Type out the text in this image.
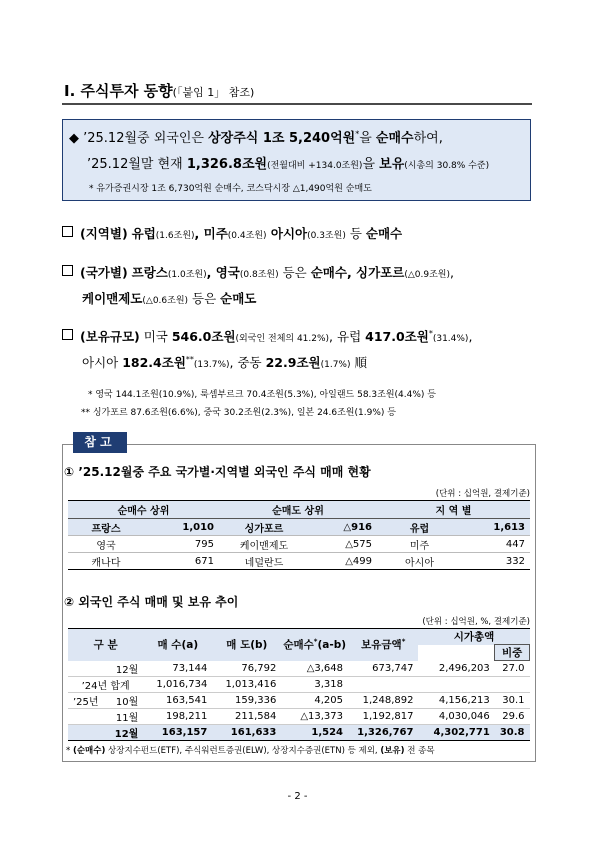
Ⅰ. 주식투자 동향(「붙임 1」 참조)
◆ ’25.12월중 외국인은 상장주식 1조 5,240억원*을 순매수하여,
’25.12월말 현재 1,326.8조원(전월대비 +134.0조원)을 보유(시총의 30.8% 수준)
* 유가증권시장 1조 6,730억원 순매수, 코스닥시장 △1,490억원 순매도
(지역별) 유럽(1.6조원), 미주(0.4조원) 아시아(0.3조원) 등 순매수
(국가별) 프랑스(1.0조원), 영국(0.8조원) 등은 순매수, 싱가포르(△0.9조원),
케이맨제도(△0.6조원) 등은 순매도
(보유규모) 미국 546.0조원(외국인 전체의 41.2%), 유럽 417.0조원*(31.4%),
아시아 182.4조원**(13.7%), 중동 22.9조원(1.7%) 順
* 영국 144.1조원(10.9%), 룩셈부르크 70.4조원(5.3%), 아일랜드 58.3조원(4.4%) 등
** 싱가포르 87.6조원(6.6%), 중국 30.2조원(2.3%), 일본 24.6조원(1.9%) 등
참고
① ’25.12월중 주요 국가별·지역별 외국인 주식 매매 현황
(단위 : 십억원, 결제기준)
순매수 상위		순매도 상위		지 역 별	
프랑스	1,010	싱가포르	△916	유럽	1,613
영국	795	케이맨제도	△575	미주	447
캐나다	671	네덜란드	△499	아시아	332
② 외국인 주식 매매 및 보유 추이
(단위 : 십억원, %, 결제기준)
구 분		매 수(a)	매 도(b)	순매수*(a-b)	보유금액*	시가총액	
							비중
	12월	73,144	76,792	△3,648	673,747	2,496,203	27.0
’24년 합계		1,016,734	1,013,416	3,318			
’25년	10월	163,541	159,336	4,205	1,248,892	4,156,213	30.1
	11월	198,211	211,584	△13,373	1,192,817	4,030,046	29.6
	12월	163,157	161,633	1,524	1,326,767	4,302,771	30.8
* (순매수) 상장지수펀드(ETF), 주식워런트증권(ELW), 상장지수증권(ETN) 등 제외, (보유) 전 종목
- 2 -
